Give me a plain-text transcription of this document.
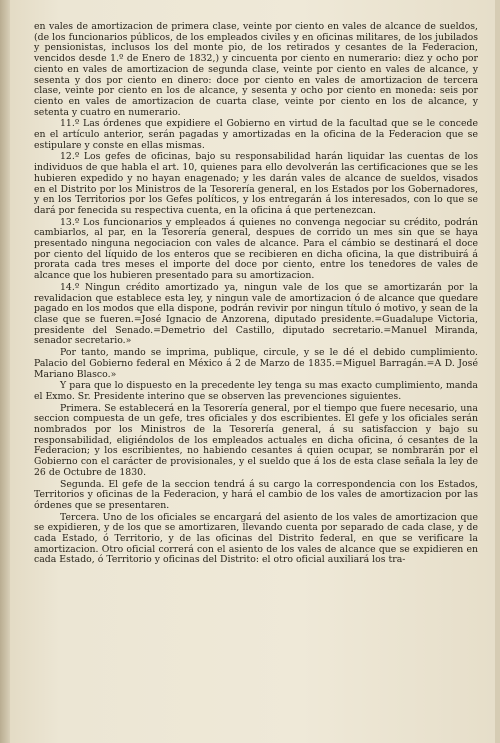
en vales de amortizacion de primera clase, veinte por ciento en vales de alcance de sueldos, (de los funcionarios públicos, de los empleados civiles y en oficinas militares, de los jubilados y pensionistas, inclusos los del monte pio, de los retirados y cesantes de la Federacion, vencidos desde 1.º de Enero de 1832,) y cincuenta por ciento en numerario: diez y ocho por ciento en vales de amortizacion de segunda clase, veinte por ciento en vales de alcance, y sesenta y dos por ciento en dinero: doce por ciento en vales de amortizacion de tercera clase, veinte por ciento en los de alcance, y sesenta y ocho por ciento en moneda: seis por ciento en vales de amortizacion de cuarta clase, veinte por ciento en los de alcance, y setenta y cuatro en numerario.

11.º Las órdenes que expidiere el Gobierno en virtud de la facultad que se le concede en el artículo anterior, serán pagadas y amortizadas en la oficina de la Federacion que se estipulare y conste en ellas mismas.

12.º Los gefes de oficinas, bajo su responsabilidad harán liquidar las cuentas de los individuos de que habla el art. 10, quienes para ello devolverán las certificaciones que se les hubieren expedido y no hayan enagenado; y les darán vales de alcance de sueldos, visados en el Distrito por los Ministros de la Tesorería general, en los Estados por los Gobernadores, y en los Territorios por los Gefes políticos, y los entregarán á los interesados, con lo que se dará por fenecida su respectiva cuenta, en la oficina á que pertenezcan.

13.º Los funcionarios y empleados á quienes no convenga negociar su crédito, podrán cambiarlos, al par, en la Tesorería general, despues de corrido un mes sin que se haya presentado ninguna negociacion con vales de alcance. Para el cámbio se destinará el doce por ciento del líquido de los enteros que se recibieren en dicha oficina, la que distribuirá á prorata cada tres meses el importe del doce por ciento, entre los tenedores de vales de alcance que los hubieren presentado para su amortizacion.

14.º Ningun crédito amortizado ya, ningun vale de los que se amortizarán por la revalidacion que establece esta ley, y ningun vale de amortizacion ó de alcance que quedare pagado en los modos que ella dispone, podrán revivir por ningun título ó motivo, y sean de la clase que se fueren.=José Ignacio de Anzorena, diputado presidente.=Guadalupe Victoria, presidente del Senado.=Demetrio del Castillo, diputado secretario.=Manuel Miranda, senador secretario.»

Por tanto, mando se imprima, publique, circule, y se le dé el debido cumplimiento. Palacio del Gobierno federal en México á 2 de Marzo de 1835.=Miguel Barragán.=A D. José Mariano Blasco.»

Y para que lo dispuesto en la precedente ley tenga su mas exacto cumplimiento, manda el Exmo. Sr. Presidente interino que se observen las prevenciones siguientes.

Primera. Se establecerá en la Tesorería general, por el tiempo que fuere necesario, una seccion compuesta de un gefe, tres oficiales y dos escribientes. El gefe y los oficiales serán nombrados por los Ministros de la Tesorería general, á su satisfaccion y bajo su responsabilidad, eligiéndolos de los empleados actuales en dicha oficina, ó cesantes de la Federacion; y los escribientes, no habiendo cesantes á quien ocupar, se nombrarán por el Gobierno con el carácter de provisionales, y el sueldo que á los de esta clase señala la ley de 26 de Octubre de 1830.

Segunda. El gefe de la seccion tendrá á su cargo la correspondencia con los Estados, Territorios y oficinas de la Federacion, y hará el cambio de los vales de amortizacion por las órdenes que se presentaren.

Tercera. Uno de los oficiales se encargará del asiento de los vales de amortizacion que se expidieren, y de los que se amortizaren, llevando cuenta por separado de cada clase, y de cada Estado, ó Territorio, y de las oficinas del Distrito federal, en que se verificare la amortizacion. Otro oficial correrá con el asiento de los vales de alcance que se expidieren en cada Estado, ó Territorio y oficinas del Distrito: el otro oficial auxiliará los tra-
